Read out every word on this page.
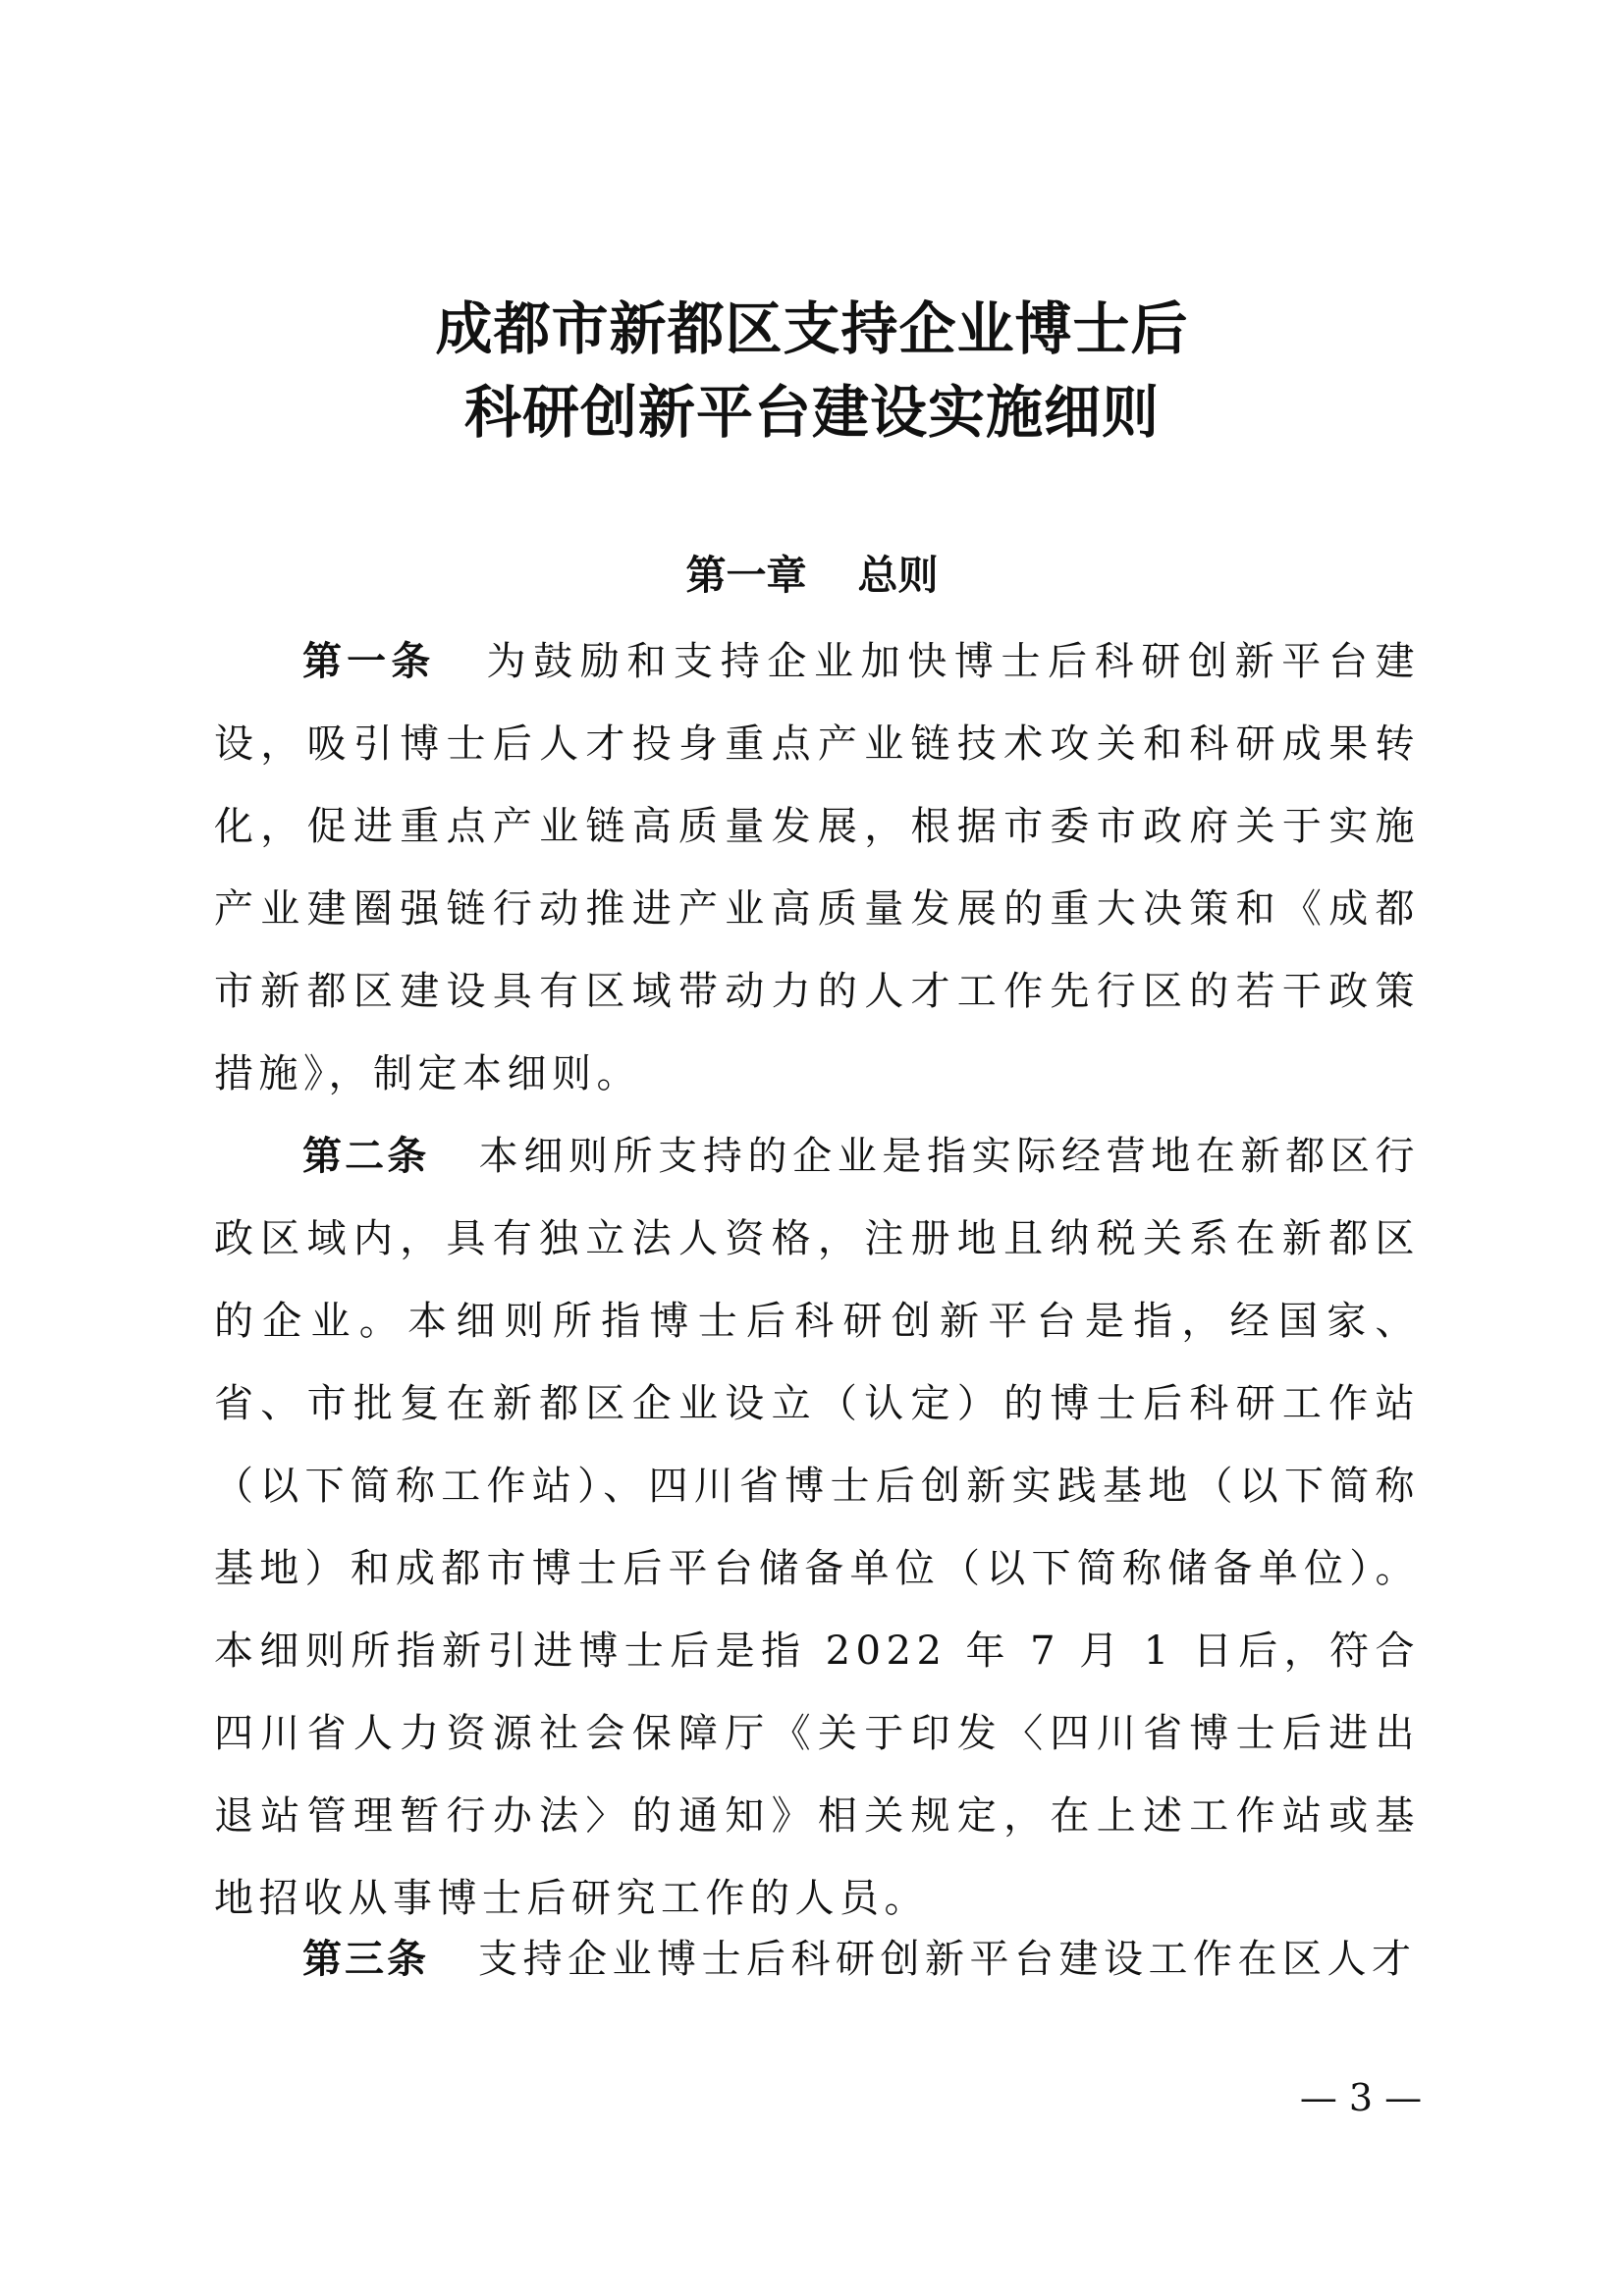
成都市新都区支持企业博士后
科研创新平台建设实施细则
第一章 总则

第一条 为鼓励和支持企业加快博士后科研创新平台建设，吸引博士后人才投身重点产业链技术攻关和科研成果转化，促进重点产业链高质量发展，根据市委市政府关于实施产业建圈强链行动推进产业高质量发展的重大决策和《成都市新都区建设具有区域带动力的人才工作先行区的若干政策措施》，制定本细则。

第二条 本细则所支持的企业是指实际经营地在新都区行政区域内，具有独立法人资格，注册地且纳税关系在新都区的企业。本细则所指博士后科研创新平台是指，经国家、省、市批复在新都区企业设立（认定）的博士后科研工作站（以下简称工作站）、四川省博士后创新实践基地（以下简称基地）和成都市博士后平台储备单位（以下简称储备单位）。本细则所指新引进博士后是指 2022 年 7 月 1 日后，符合四川省人力资源社会保障厅《关于印发〈四川省博士后进出退站管理暂行办法〉的通知》相关规定，在上述工作站或基地招收从事博士后研究工作的人员。

第三条 支持企业博士后科研创新平台建设工作在区人才

— 3 —
